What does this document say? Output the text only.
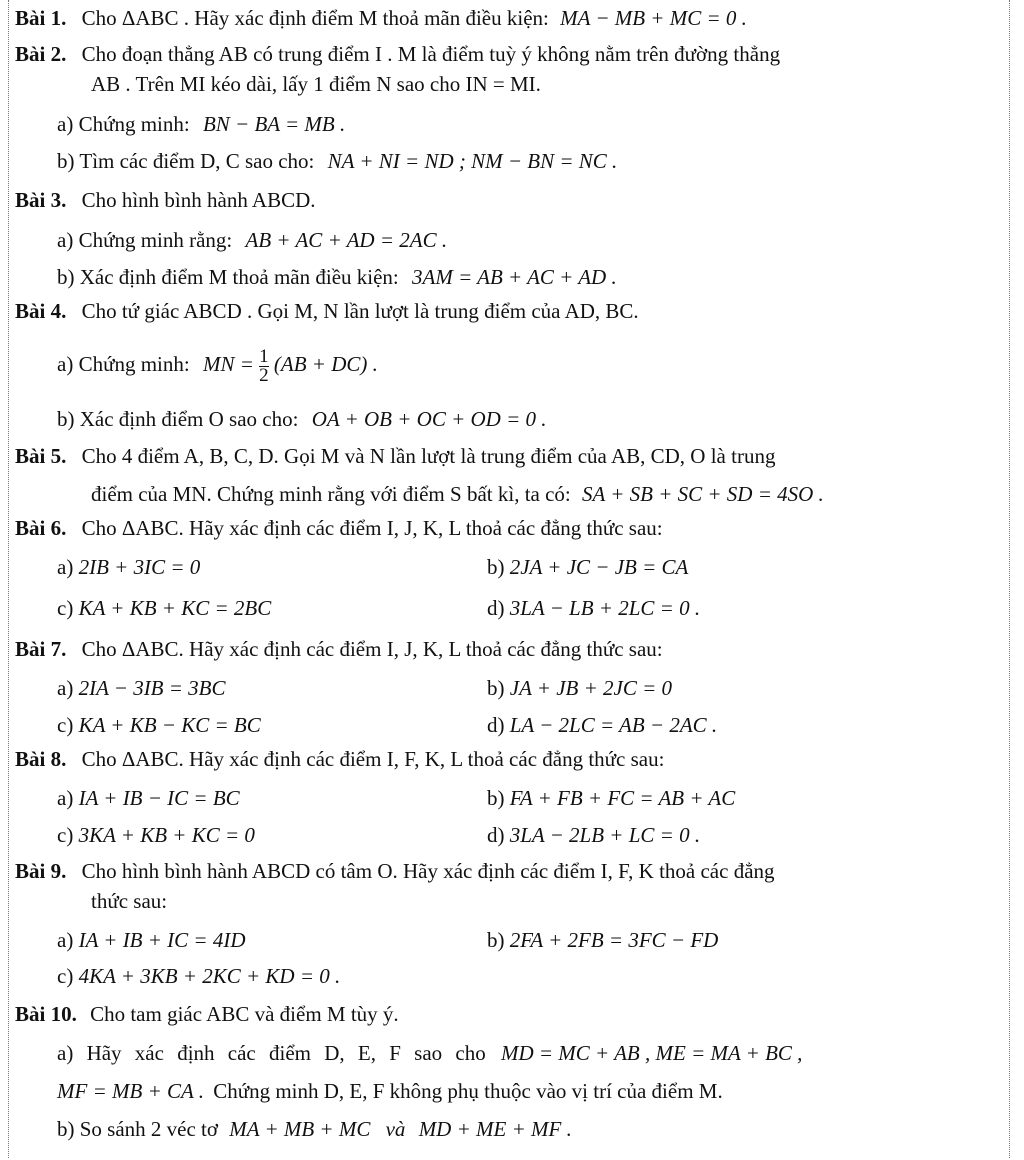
Bài 1. Cho ΔABC . Hãy xác định điểm M thoả mãn điều kiện: MA − MB + MC = 0 .
Bài 2. Cho đoạn thẳng AB có trung điểm I . M là điểm tuỳ ý không nằm trên đường thẳng
AB . Trên MI kéo dài, lấy 1 điểm N sao cho IN = MI.
a) Chứng minh: BN − BA = MB .
b) Tìm các điểm D, C sao cho: NA + NI = ND ; NM − BN = NC .
Bài 3. Cho hình bình hành ABCD.
a) Chứng minh rằng: AB + AC + AD = 2AC .
b) Xác định điểm M thoả mãn điều kiện: 3AM = AB + AC + AD .
Bài 4. Cho tứ giác ABCD . Gọi M, N lần lượt là trung điểm của AD, BC.
a) Chứng minh: MN = $\frac{1}{2} (AB + DC)$ .
b) Xác định điểm O sao cho: OA + OB + OC + OD = 0 .
Bài 5. Cho 4 điểm A, B, C, D. Gọi M và N lần lượt là trung điểm của AB, CD, O là trung
điểm của MN. Chứng minh rằng với điểm S bất kì, ta có: SA + SB + SC + SD = 4SO .
Bài 6. Cho ΔABC. Hãy xác định các điểm I, J, K, L thoả các đẳng thức sau:
a) 2IB + 3IC = 0	b) 2JA + JC − JB = CA
c) KA + KB + KC = 2BC	d) 3LA − LB + 2LC = 0 .
Bài 7. Cho ΔABC. Hãy xác định các điểm I, J, K, L thoả các đẳng thức sau:
a) 2IA − 3IB = 3BC	b) JA + JB + 2JC = 0
c) KA + KB − KC = BC	d) LA − 2LC = AB − 2AC .
Bài 8. Cho ΔABC. Hãy xác định các điểm I, F, K, L thoả các đẳng thức sau:
a) IA + IB − IC = BC	b) FA + FB + FC = AB + AC
c) 3KA + KB + KC = 0	d) 3LA − 2LB + LC = 0 .
Bài 9. Cho hình bình hành ABCD có tâm O. Hãy xác định các điểm I, F, K thoả các đẳng
thức sau:
a) IA + IB + IC = 4ID	b) 2FA + 2FB = 3FC − FD
c) 4KA + 3KB + 2KC + KD = 0 .
Bài 10. Cho tam giác ABC và điểm M tùy ý.
a) Hãy xác định các điểm D, E, F sao cho MD = MC + AB , ME = MA + BC ,
MF = MB + CA . Chứng minh D, E, F không phụ thuộc vào vị trí của điểm M.
b) So sánh 2 véc tơ MA + MB + MC và MD + ME + MF .
